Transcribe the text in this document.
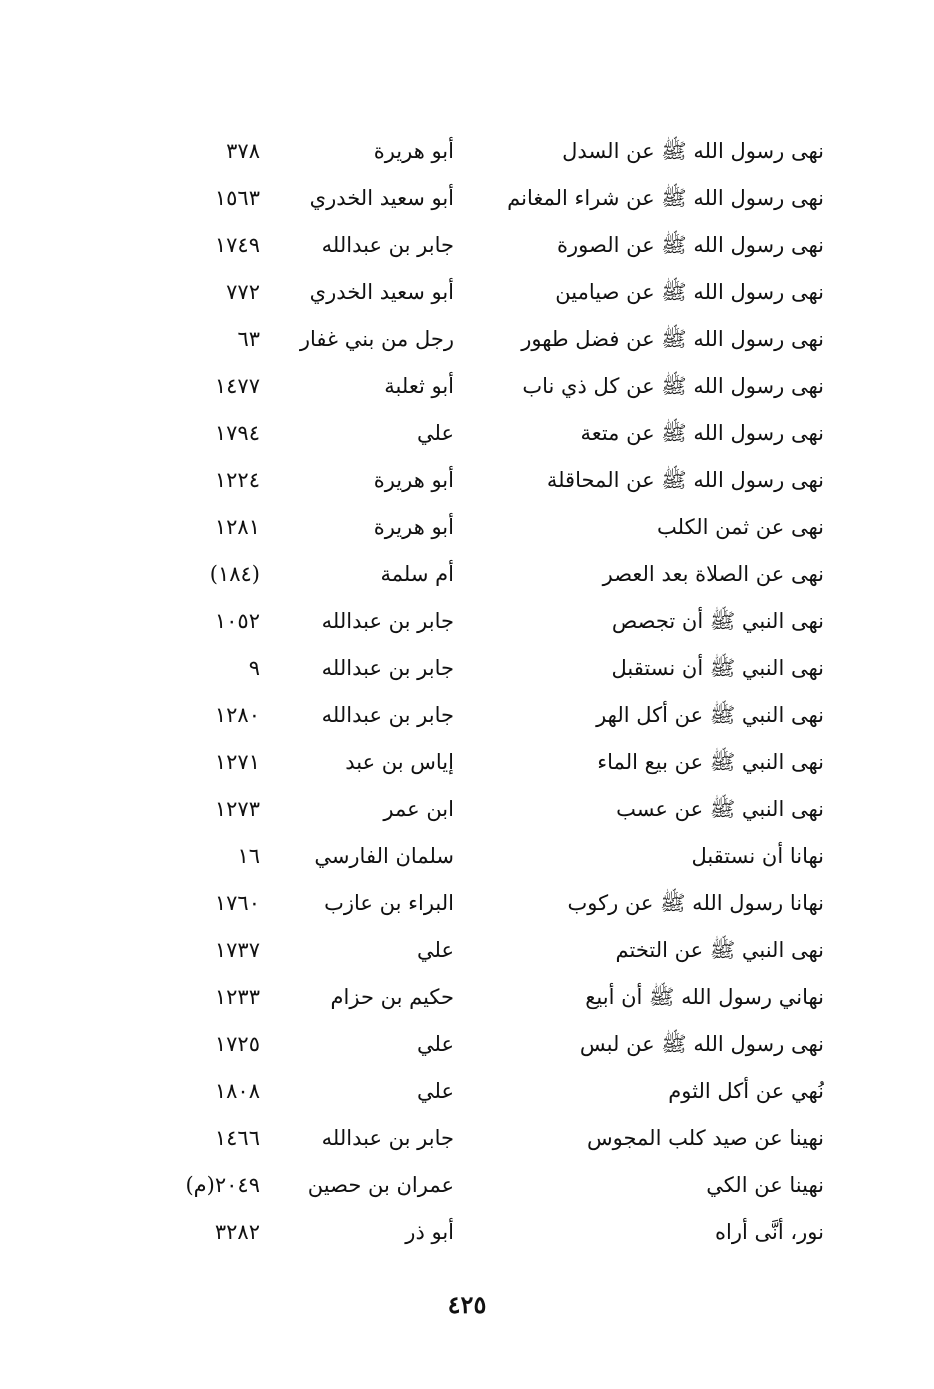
نهى رسول الله ﷺ عن السدل
أبو هريرة
٣٧٨
نهى رسول الله ﷺ عن شراء المغانم
أبو سعيد الخدري
١٥٦٣
نهى رسول الله ﷺ عن الصورة
جابر بن عبدالله
١٧٤٩
نهى رسول الله ﷺ عن صيامين
أبو سعيد الخدري
٧٧٢
نهى رسول الله ﷺ عن فضل طهور
رجل من بني غفار
٦٣
نهى رسول الله ﷺ عن كل ذي ناب
أبو ثعلبة
١٤٧٧
نهى رسول الله ﷺ عن متعة
علي
١٧٩٤
نهى رسول الله ﷺ عن المحاقلة
أبو هريرة
١٢٢٤
نهى عن ثمن الكلب
أبو هريرة
١٢٨١
نهى عن الصلاة بعد العصر
أم سلمة
(١٨٤)
نهى النبي ﷺ أن تجصص
جابر بن عبدالله
١٠٥٢
نهى النبي ﷺ أن نستقبل
جابر بن عبدالله
٩
نهى النبي ﷺ عن أكل الهر
جابر بن عبدالله
١٢٨٠
نهى النبي ﷺ عن بيع الماء
إياس بن عبد
١٢٧١
نهى النبي ﷺ عن عسب
ابن عمر
١٢٧٣
نهانا أن نستقبل
سلمان الفارسي
١٦
نهانا رسول الله ﷺ عن ركوب
البراء بن عازب
١٧٦٠
نهى النبي ﷺ عن التختم
علي
١٧٣٧
نهاني رسول الله ﷺ أن أبيع
حكيم بن حزام
١٢٣٣
نهى رسول الله ﷺ عن لبس
علي
١٧٢٥
نُهي عن أكل الثوم
علي
١٨٠٨
نهينا عن صيد كلب المجوس
جابر بن عبدالله
١٤٦٦
نهينا عن الكي
عمران بن حصين
٢٠٤٩(م)
نور، أنَّى أراه
أبو ذر
٣٢٨٢
٤٢٥
